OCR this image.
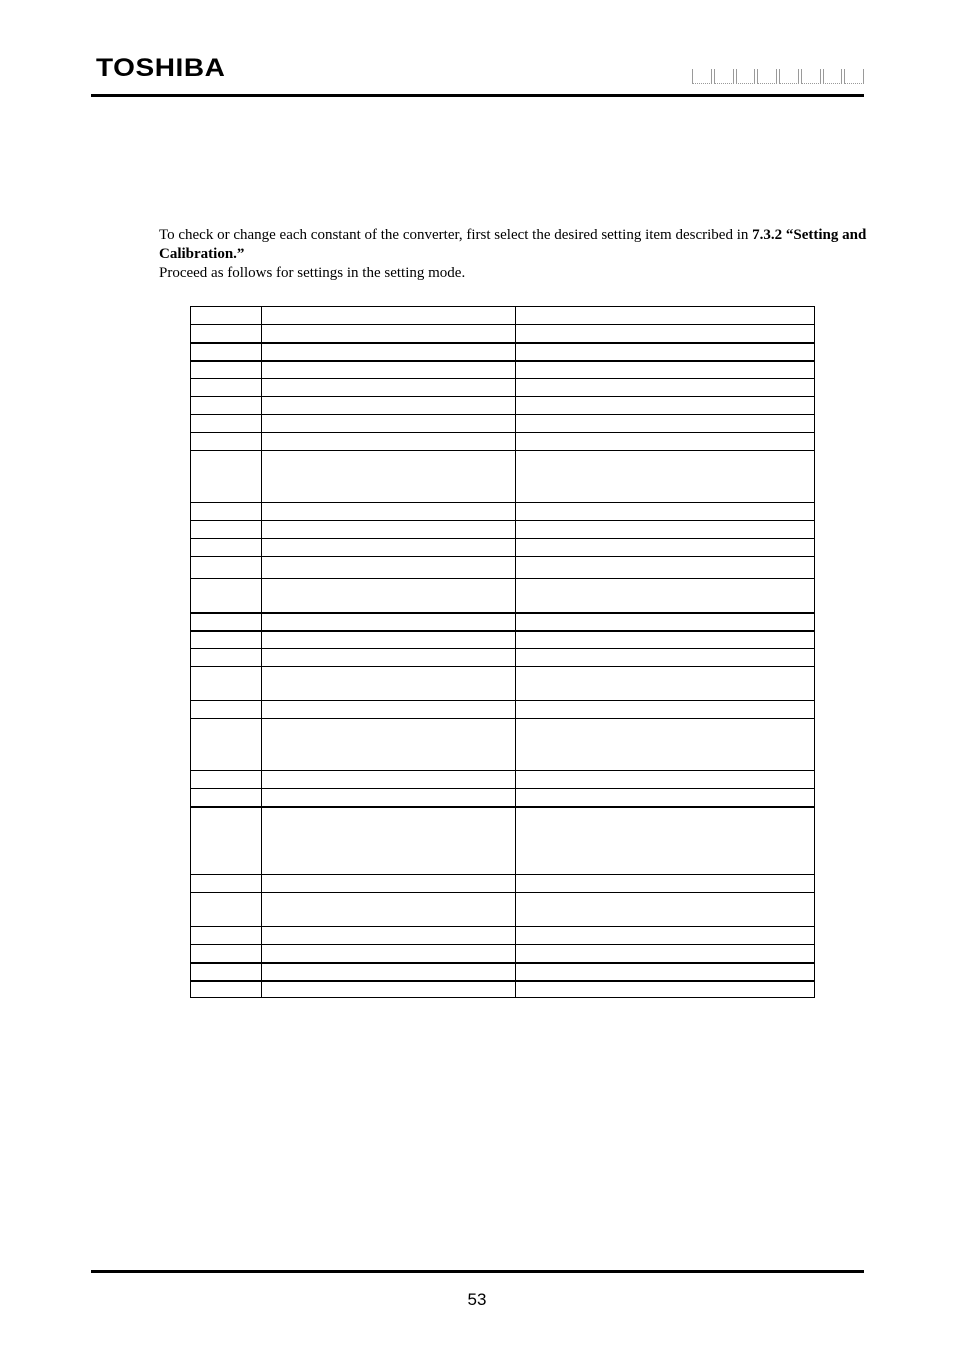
TOSHIBA

To check or change each constant of the converter, first select the desired setting item described in 7.3.2 “Setting and Calibration.”

Proceed as follows for settings in the setting mode.

53
